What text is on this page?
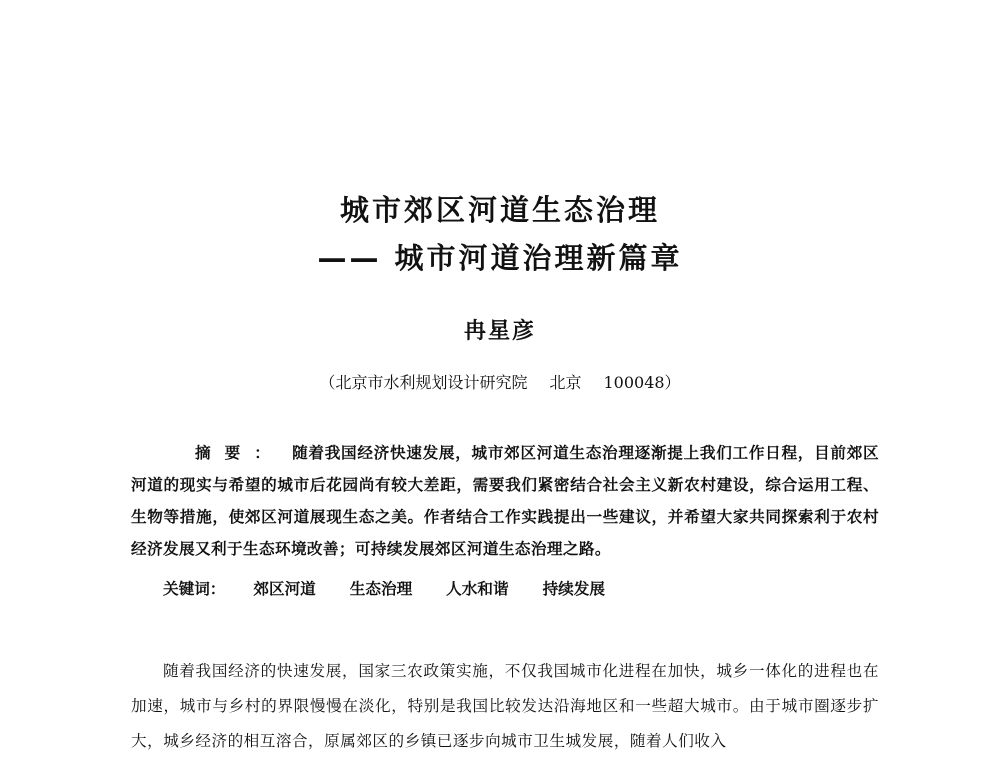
城市郊区河道生态治理
—— 城市河道治理新篇章
冉星彦
（北京市水利规划设计研究院 北京 100048）
摘要： 随着我国经济快速发展，城市郊区河道生态治理逐渐提上我们工作日程，目前郊区河道的现实与希望的城市后花园尚有较大差距，需要我们紧密结合社会主义新农村建设，综合运用工程、生物等措施，使郊区河道展现生态之美。作者结合工作实践提出一些建议，并希望大家共同探索利于农村经济发展又利于生态环境改善；可持续发展郊区河道生态治理之路。
关键词： 郊区河道 生态治理 人水和谐 持续发展
随着我国经济的快速发展，国家三农政策实施，不仅我国城市化进程在加快，城乡一体化的进程也在加速，城市与乡村的界限慢慢在淡化，特别是我国比较发达沿海地区和一些超大城市。由于城市圈逐步扩大，城乡经济的相互溶合，原属郊区的乡镇已逐步向城市卫生城发展，随着人们收入
